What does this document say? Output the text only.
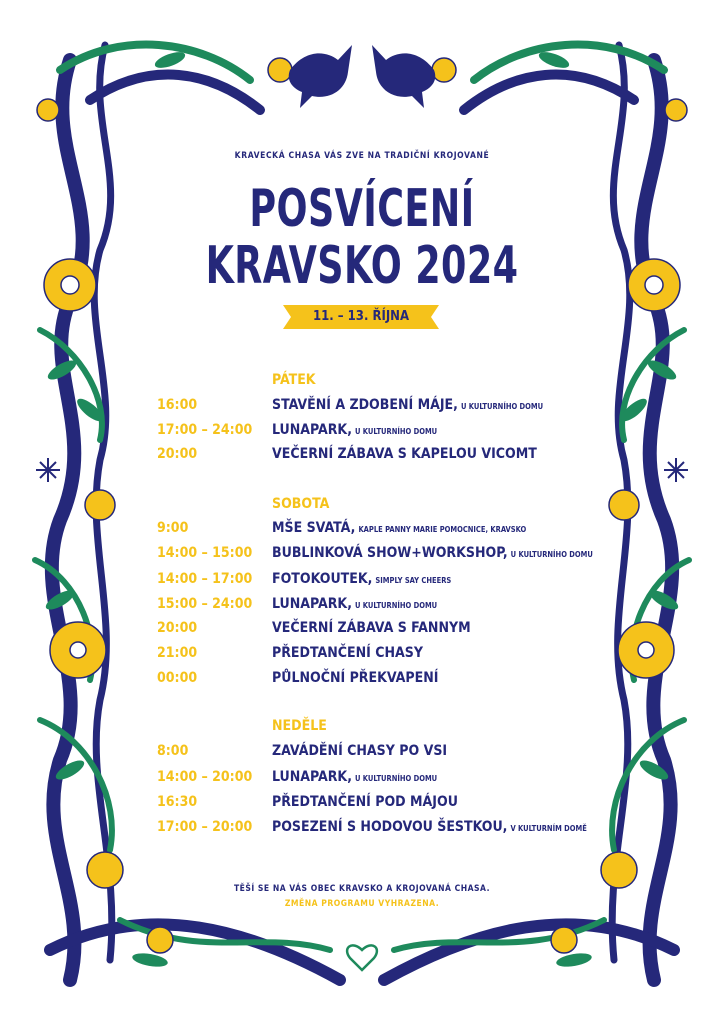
KRAVECKÁ CHASA VÁS ZVE NA TRADIČNÍ KROJOVANÉ
POSVÍCENÍ
KRAVSKO 2024
11. – 13. ŘÍJNA
PÁTEK
16:00	STAVĚNÍ A ZDOBENÍ MÁJE, U KULTURNÍHO DOMU
17:00 – 24:00 LUNAPARK, U KULTURNÍHO DOMU
20:00	VEČERNÍ ZÁBAVA S KAPELOU VICOMT
SOBOTA
9:00	MŠE SVATÁ, KAPLE PANNY MARIE POMOCNICE, KRAVSKO
14:00 – 15:00 BUBLINKOVÁ SHOW+WORKSHOP, U KULTURNÍHO DOMU
14:00 – 17:00 FOTOKOUTEK, SIMPLY SAY CHEERS
15:00 – 24:00 LUNAPARK, U KULTURNÍHO DOMU
20:00	VEČERNÍ ZÁBAVA S FANNYM
21:00	PŘEDTANČENÍ CHASY
00:00	PŮLNOČNÍ PŘEKVAPENÍ
NEDĚLE
8:00	ZAVÁDĚNÍ CHASY PO VSI
14:00 – 20:00 LUNAPARK, U KULTURNÍHO DOMU
16:30	PŘEDTANČENÍ POD MÁJOU
17:00 – 20:00 POSEZENÍ S HODOVOU ŠESTKOU, V KULTURNÍM DOMĚ
TĚŠÍ SE NA VÁS OBEC KRAVSKO A KROJOVANÁ CHASA.
ZMĚNA PROGRAMU VYHRAZENA.
